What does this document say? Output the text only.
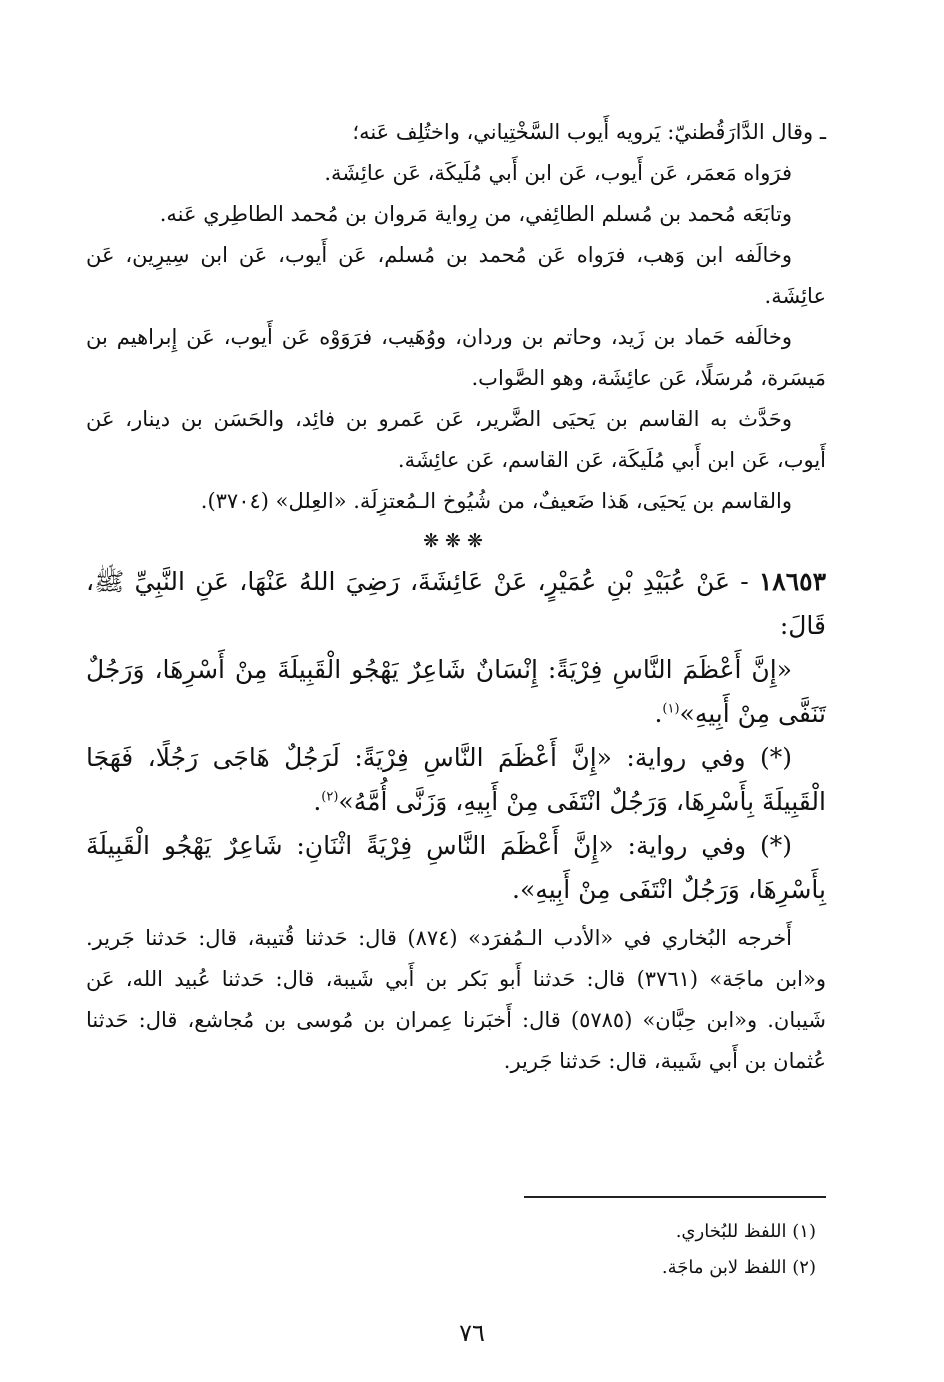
ـ وقال الدَّارَقُطنيّ: يَرويه أَيوب السَّخْتِياني، واختُلِف عَنه؛

فرَواه مَعمَر، عَن أَيوب، عَن ابن أَبي مُلَيكَة، عَن عائِشَة.

وتابَعَه مُحمد بن مُسلم الطائِفي، من رِواية مَروان بن مُحمد الطاطِري عَنه.

وخالَفه ابن وَهب، فرَواه عَن مُحمد بن مُسلم، عَن أَيوب، عَن ابن سِيرِين، عَن عائِشَة.

وخالَفه حَماد بن زَيد، وحاتم بن وردان، ووُهَيب، فرَوَوْه عَن أَيوب، عَن إِبراهيم بن مَيسَرة، مُرسَلًا، عَن عائِشَة، وهو الصَّواب.

وحَدَّث به القاسم بن يَحيَى الضَّرير، عَن عَمرو بن فائِد، والحَسَن بن دينار، عَن أَيوب، عَن ابن أَبي مُلَيكَة، عَن القاسم، عَن عائِشَة.

والقاسم بن يَحيَى، هَذا ضَعيفٌ، من شُيُوخ الـمُعتزِلَة. «العِلل» (٣٧٠٤).

❋❋❋

١٨٦٥٣ - عَنْ عُبَيْدِ بْنِ عُمَيْرٍ، عَنْ عَائِشَةَ، رَضِيَ اللهُ عَنْهَا، عَنِ النَّبِيِّ ﷺ، قَالَ:

«إِنَّ أَعْظَمَ النَّاسِ فِرْيَةً: إِنْسَانٌ شَاعِرٌ يَهْجُو الْقَبِيلَةَ مِنْ أَسْرِهَا، وَرَجُلٌ تَنَفَّى مِنْ أَبِيهِ»$^{(١)}$.

(*) وفي رواية: «إِنَّ أَعْظَمَ النَّاسِ فِرْيَةً: لَرَجُلٌ هَاجَى رَجُلًا، فَهَجَا الْقَبِيلَةَ بِأَسْرِهَا، وَرَجُلٌ انْتَفَى مِنْ أَبِيهِ، وَزَنَّى أُمَّهُ»$^{(٢)}$.

(*) وفي رواية: «إِنَّ أَعْظَمَ النَّاسِ فِرْيَةً اثْنَانِ: شَاعِرٌ يَهْجُو الْقَبِيلَةَ بِأَسْرِهَا، وَرَجُلٌ انْتَفَى مِنْ أَبِيهِ».

أَخرجه البُخاري في «الأدب الـمُفرَد» (٨٧٤) قال: حَدثنا قُتيبة، قال: حَدثنا جَرير. و«ابن ماجَة» (٣٧٦١) قال: حَدثنا أَبو بَكر بن أَبي شَيبة، قال: حَدثنا عُبيد الله، عَن شَيبان. و«ابن حِبَّان» (٥٧٨٥) قال: أَخبَرنا عِمران بن مُوسى بن مُجاشع، قال: حَدثنا عُثمان بن أَبي شَيبة، قال: حَدثنا جَرير.

(١) اللفظ للبُخاري.

(٢) اللفظ لابن ماجَة.

٧٦
